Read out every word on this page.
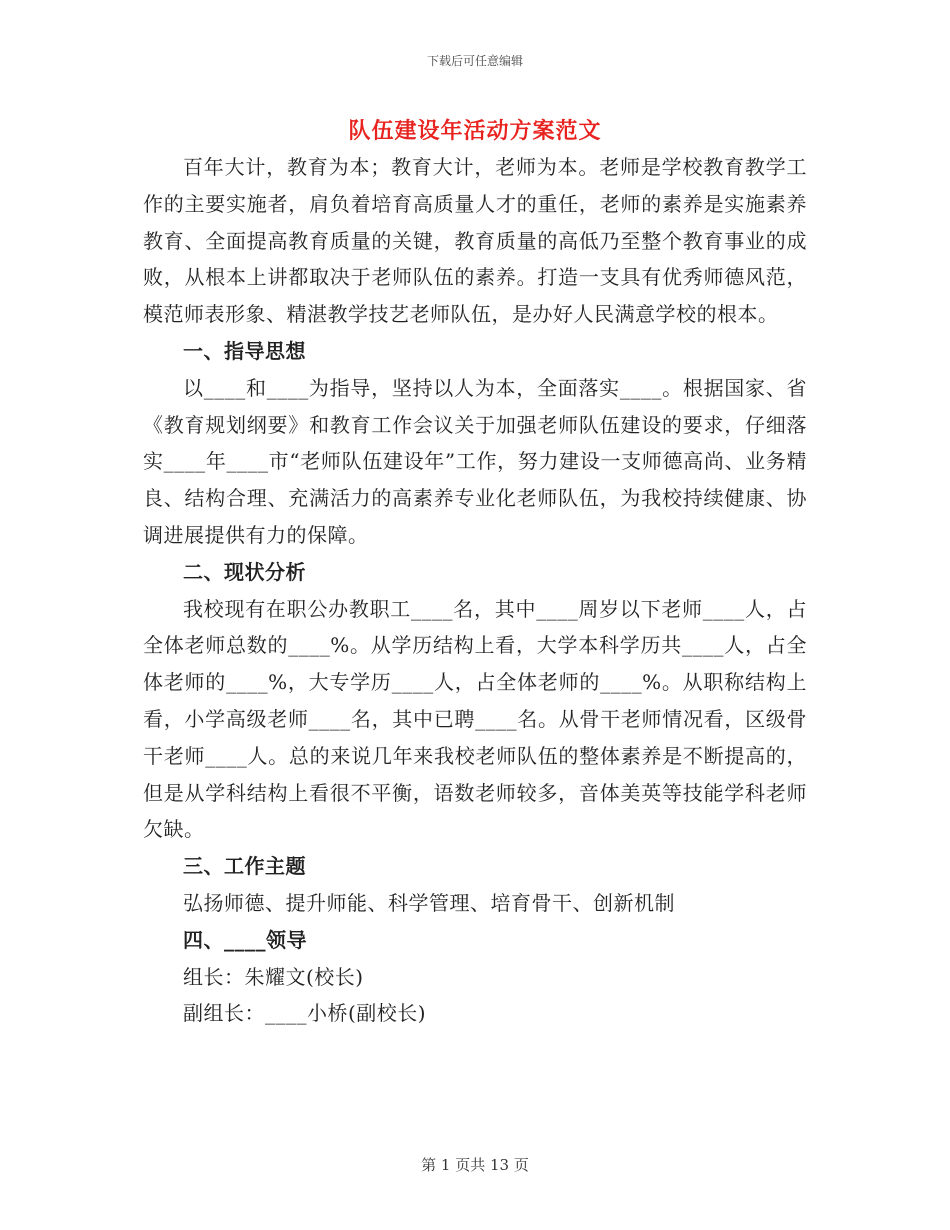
下载后可任意编辑
队伍建设年活动方案范文

百年大计，教育为本；教育大计，老师为本。老师是学校教育教学工作的主要实施者，肩负着培育高质量人才的重任，老师的素养是实施素养教育、全面提高教育质量的关键，教育质量的高低乃至整个教育事业的成败，从根本上讲都取决于老师队伍的素养。打造一支具有优秀师德风范，模范师表形象、精湛教学技艺老师队伍，是办好人民满意学校的根本。

一、指导思想

以____和____为指导，坚持以人为本，全面落实____。根据国家、省《教育规划纲要》和教育工作会议关于加强老师队伍建设的要求，仔细落实____年____市“老师队伍建设年”工作，努力建设一支师德高尚、业务精良、结构合理、充满活力的高素养专业化老师队伍，为我校持续健康、协调进展提供有力的保障。

二、现状分析

我校现有在职公办教职工____名，其中____周岁以下老师____人，占全体老师总数的____%。从学历结构上看，大学本科学历共____人，占全体老师的____%，大专学历____人，占全体老师的____%。从职称结构上看，小学高级老师____名，其中已聘____名。从骨干老师情况看，区级骨干老师____人。总的来说几年来我校老师队伍的整体素养是不断提高的，但是从学科结构上看很不平衡，语数老师较多，音体美英等技能学科老师欠缺。

三、工作主题

弘扬师德、提升师能、科学管理、培育骨干、创新机制

四、____领导

组长：朱耀文(校长)

副组长：____小桥(副校长)

第 1 页共 13 页
